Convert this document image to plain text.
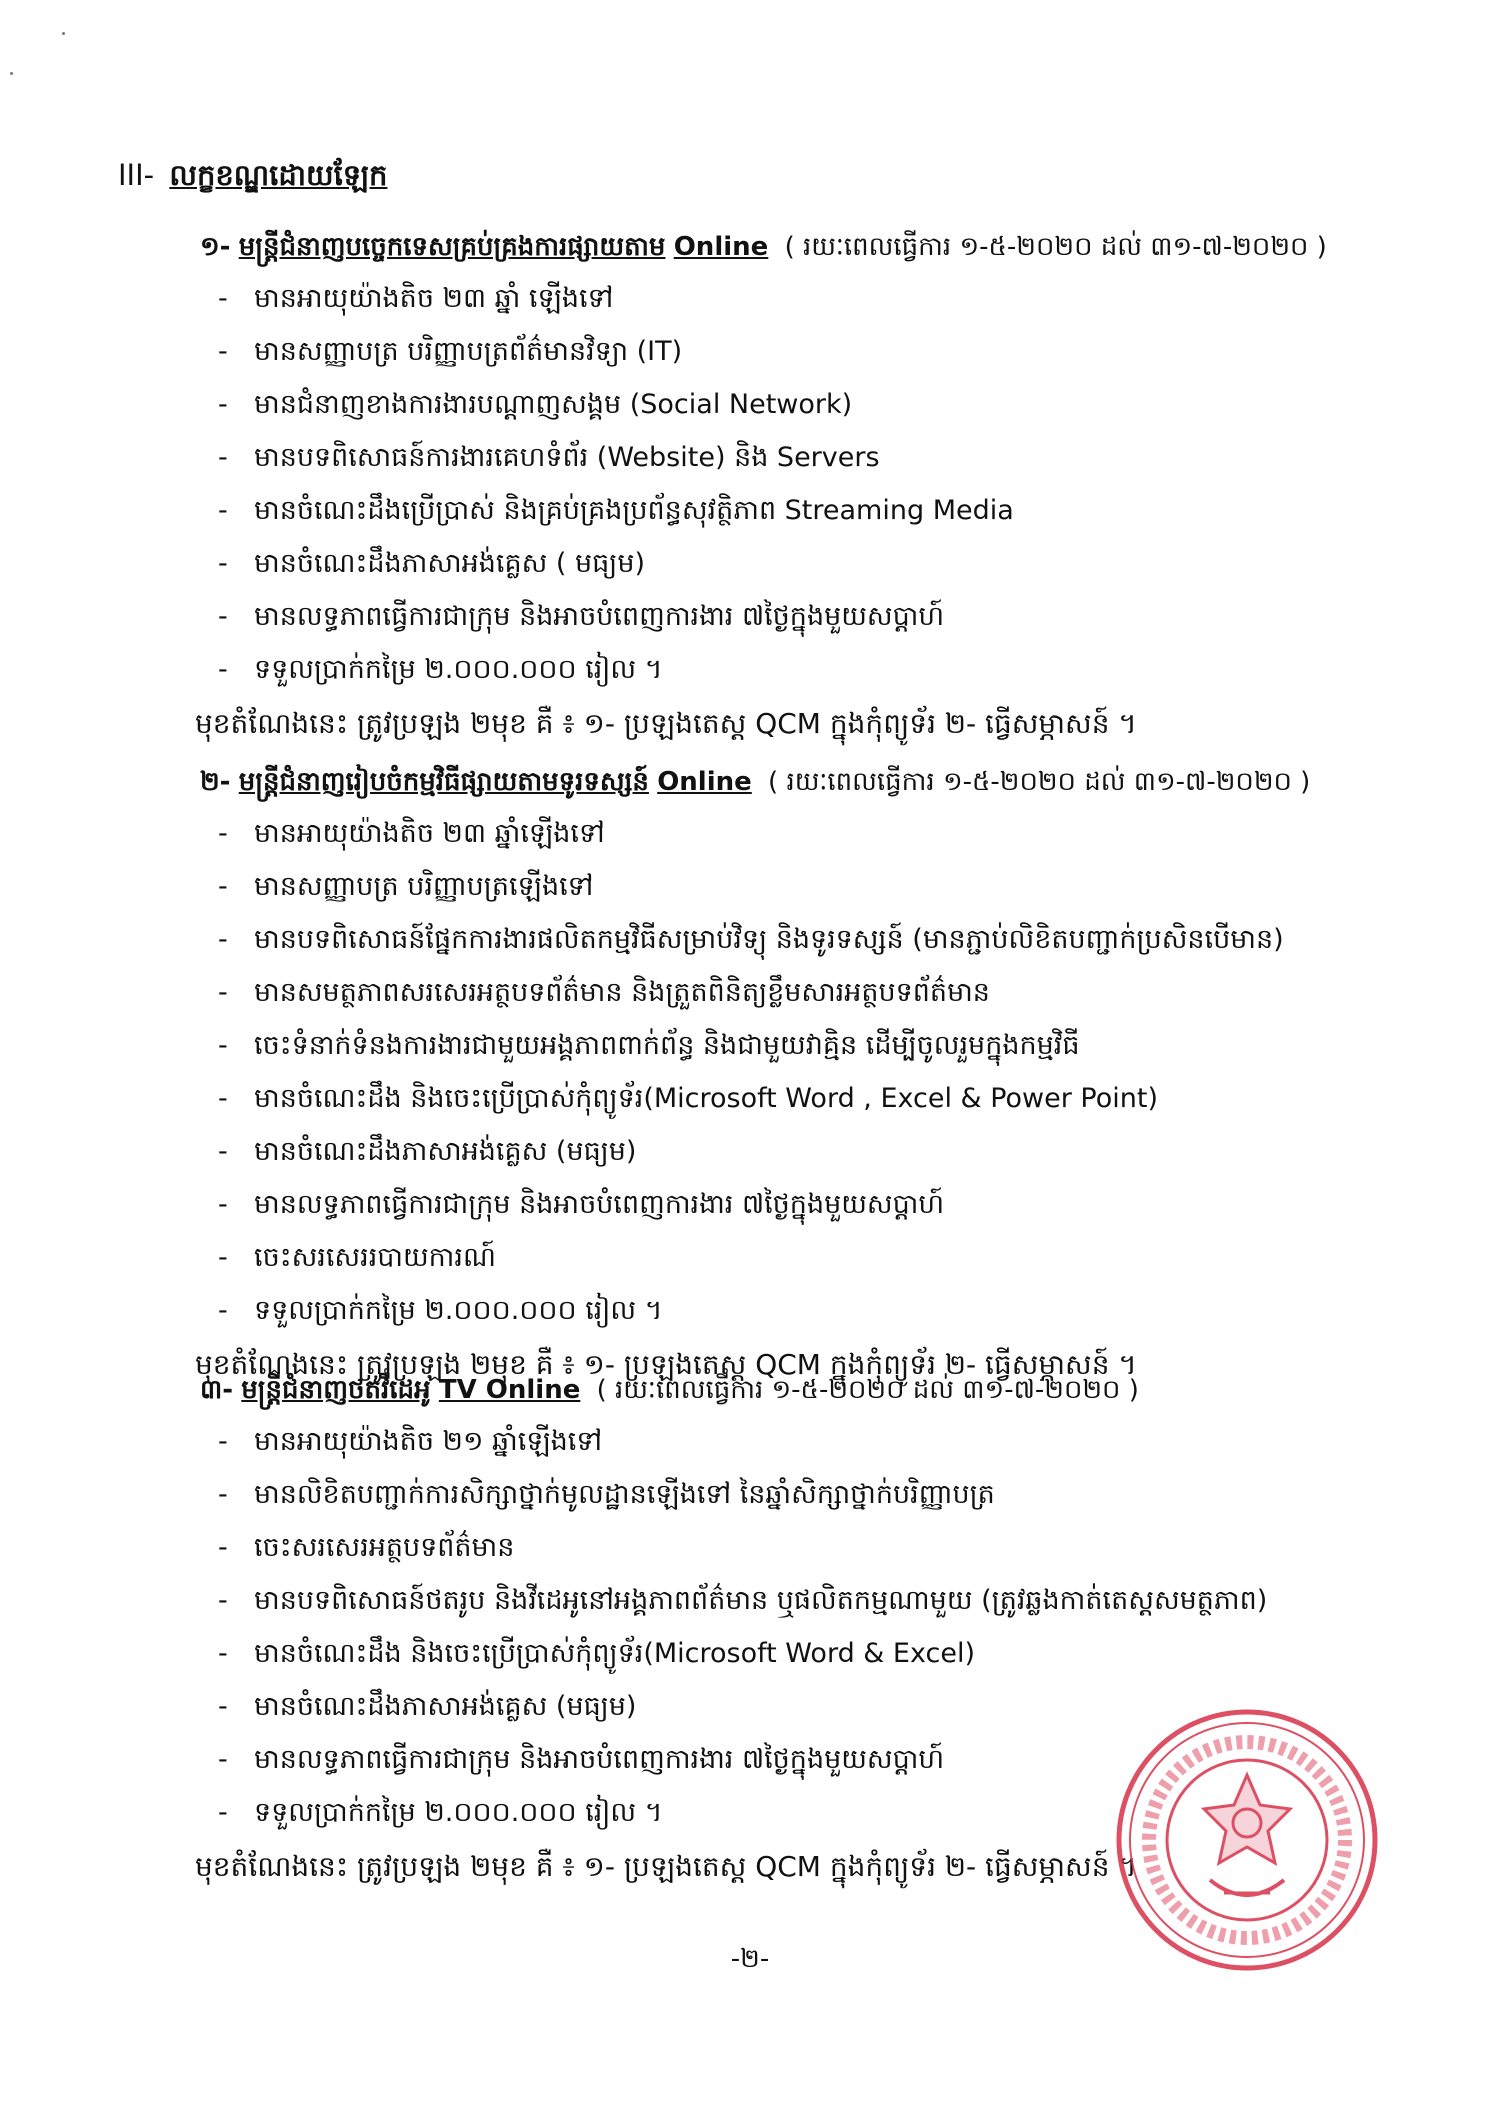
III- លក្ខខណ្ឌដោយឡែក
១- មន្ត្រីជំនាញបច្ចេកទេសគ្រប់គ្រងការផ្សាយតាម Online ( រយៈពេលធ្វើការ ១-៥-២០២០ ដល់ ៣១-៧-២០២០ )
- មានអាយុយ៉ាងតិច ២៣ ឆ្នាំ ឡើងទៅ
- មានសញ្ញាបត្រ បរិញ្ញាបត្រព័ត៌មានវិទ្យា (IT)
- មានជំនាញខាងការងារបណ្តាញសង្គម (Social Network)
- មានបទពិសោធន៍ការងារគេហទំព័រ (Website) និង Servers
- មានចំណេះដឹងប្រើប្រាស់ និងគ្រប់គ្រងប្រព័ន្ធសុវត្ថិភាព Streaming Media
- មានចំណេះដឹងភាសាអង់គ្លេស ( មធ្យម)
- មានលទ្ធភាពធ្វើការជាក្រុម និងអាចបំពេញការងារ ៧ថ្ងៃក្នុងមួយសប្តាហ៍
- ទទួលប្រាក់កម្រៃ ២.០០០.០០០ រៀល ។
មុខតំណែងនេះ ត្រូវប្រឡង ២មុខ គឺ ៖ ១- ប្រឡងតេស្ត QCM ក្នុងកុំព្យូទ័រ ២- ធ្វើសម្ភាសន៍ ។
២- មន្ត្រីជំនាញរៀបចំកម្មវិធីផ្សាយតាមទូរទស្សន៍ Online ( រយៈពេលធ្វើការ ១-៥-២០២០ ដល់ ៣១-៧-២០២០ )
- មានអាយុយ៉ាងតិច ២៣ ឆ្នាំឡើងទៅ
- មានសញ្ញាបត្រ បរិញ្ញាបត្រឡើងទៅ
- មានបទពិសោធន៍ផ្នែកការងារផលិតកម្មវិធីសម្រាប់វិទ្យុ និងទូរទស្សន៍ (មានភ្ជាប់លិខិតបញ្ជាក់ប្រសិនបើមាន)
- មានសមត្ថភាពសរសេរអត្ថបទព័ត៌មាន និងត្រួតពិនិត្យខ្លឹមសារអត្ថបទព័ត៌មាន
- ចេះទំនាក់ទំនងការងារជាមួយអង្គភាពពាក់ព័ន្ធ និងជាមួយវាគ្មិន ដើម្បីចូលរួមក្នុងកម្មវិធី
- មានចំណេះដឹង និងចេះប្រើប្រាស់កុំព្យូទ័រ(Microsoft Word , Excel & Power Point)
- មានចំណេះដឹងភាសាអង់គ្លេស (មធ្យម)
- មានលទ្ធភាពធ្វើការជាក្រុម និងអាចបំពេញការងារ ៧ថ្ងៃក្នុងមួយសប្តាហ៍
- ចេះសរសេររបាយការណ៍
- ទទួលប្រាក់កម្រៃ ២.០០០.០០០ រៀល ។
មុខតំណែងនេះ ត្រូវប្រឡង ២មុខ គឺ ៖ ១- ប្រឡងតេស្ត QCM ក្នុងកុំព្យូទ័រ ២- ធ្វើសម្ភាសន៍ ។
៣- មន្ត្រីជំនាញថតវីដេអូ TV Online ( រយៈពេលធ្វើការ ១-៥-២០២០ ដល់ ៣១-៧-២០២០ )
- មានអាយុយ៉ាងតិច ២១ ឆ្នាំឡើងទៅ
- មានលិខិតបញ្ជាក់ការសិក្សាថ្នាក់មូលដ្ឋានឡើងទៅ នៃឆ្នាំសិក្សាថ្នាក់បរិញ្ញាបត្រ
- ចេះសរសេរអត្ថបទព័ត៌មាន
- មានបទពិសោធន៍ថតរូប និងវីដេអូនៅអង្គភាពព័ត៌មាន ឬផលិតកម្មណាមួយ (ត្រូវឆ្លងកាត់តេស្តសមត្ថភាព)
- មានចំណេះដឹង និងចេះប្រើប្រាស់កុំព្យូទ័រ(Microsoft Word & Excel)
- មានចំណេះដឹងភាសាអង់គ្លេស (មធ្យម)
- មានលទ្ធភាពធ្វើការជាក្រុម និងអាចបំពេញការងារ ៧ថ្ងៃក្នុងមួយសប្តាហ៍
- ទទួលប្រាក់កម្រៃ ២.០០០.០០០ រៀល ។
មុខតំណែងនេះ ត្រូវប្រឡង ២មុខ គឺ ៖ ១- ប្រឡងតេស្ត QCM ក្នុងកុំព្យូទ័រ ២- ធ្វើសម្ភាសន៍ ។
-២-
